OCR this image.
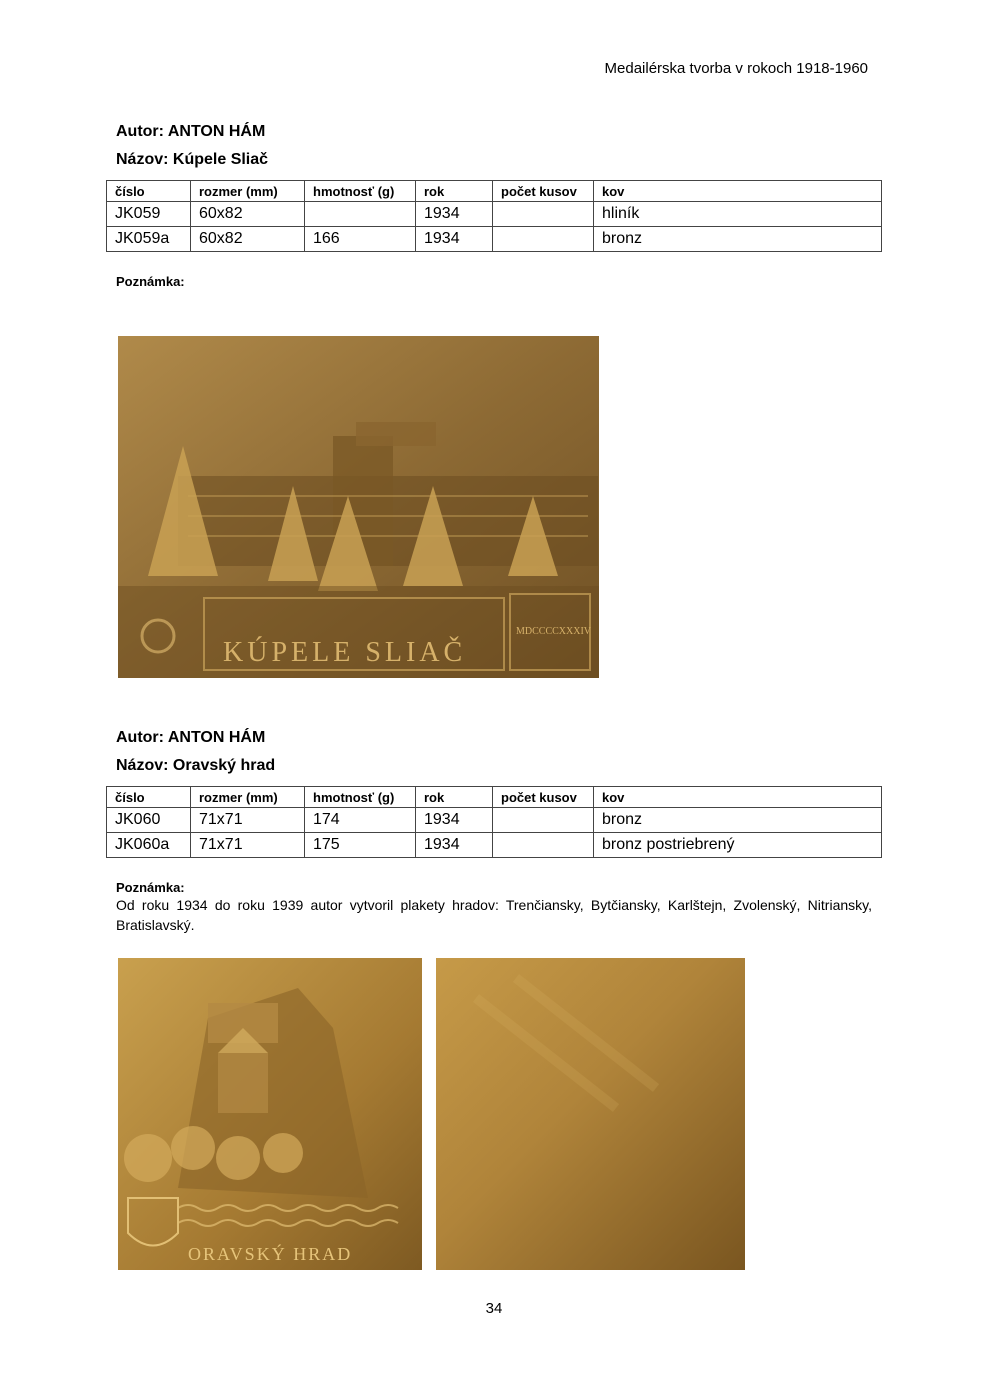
Medailérska tvorba v rokoch 1918-1960
Autor: ANTON HÁM
Názov: Kúpele Sliač
číslo	rozmer (mm)	hmotnosť (g)	rok	počet kusov	kov
JK059	60x82		1934		hliník
JK059a	60x82	166	1934		bronz
Poznámka:
KÚPELE SLIAČ
MDCCCCXXXIV
Autor: ANTON HÁM
Názov: Oravský hrad
číslo	rozmer (mm)	hmotnosť (g)	rok	počet kusov	kov
JK060	71x71	174	1934		bronz
JK060a	71x71	175	1934		bronz postriebrený
Poznámka:
Od roku 1934 do roku 1939 autor vytvoril plakety hradov: Trenčiansky, Bytčiansky, Karlštejn, Zvolenský, Nitriansky, Bratislavský.
ORAVSKÝ HRAD
34
